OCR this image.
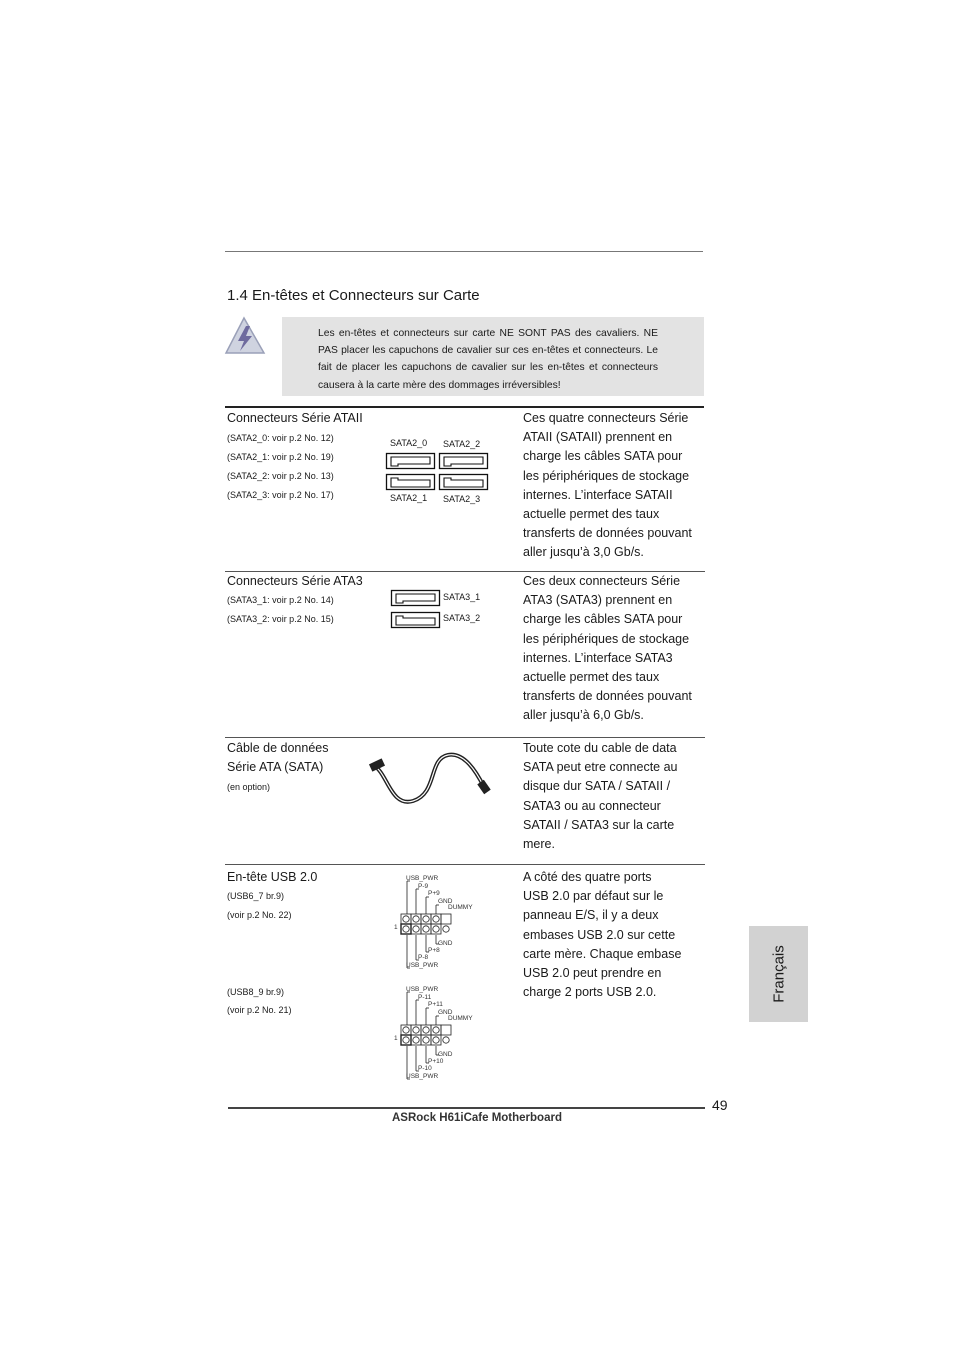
1.4 En-têtes et Connecteurs sur Carte
Les en-têtes et connecteurs sur carte NE SONT PAS des cavaliers. NE PAS placer les capuchons de cavalier sur ces en-têtes et connecteurs. Le fait de placer les capuchons de cavalier sur les en-têtes et connecteurs causera à la carte mère des dommages irréversibles!
Connecteurs Série ATAII
(SATA2_0: voir p.2 No. 12)
(SATA2_1: voir p.2 No. 19)
(SATA2_2: voir p.2 No. 13)
(SATA2_3: voir p.2 No. 17)
SATA2_0 SATA2_2
SATA2_1 SATA2_3
Ces quatre connecteurs Série
ATAII (SATAII) prennent en
charge les câbles SATA pour
les périphériques de stockage
internes. L’interface SATAII
actuelle permet des taux
transferts de données pouvant
aller jusqu’à 3,0 Gb/s.
Connecteurs Série ATA3
(SATA3_1: voir p.2 No. 14)
(SATA3_2: voir p.2 No. 15)
SATA3_1
SATA3_2
Ces deux connecteurs Série
ATA3 (SATA3) prennent en
charge les câbles SATA pour
les périphériques de stockage
internes. L’interface SATA3
actuelle permet des taux
transferts de données pouvant
aller jusqu’à 6,0 Gb/s.
Câble de données
Série ATA (SATA)
(en option)
Toute cote du cable de data
SATA peut etre connecte au
disque dur SATA / SATAII /
SATA3 ou au connecteur
SATAII / SATA3 sur la carte
mere.
En-tête USB 2.0
(USB6_7 br.9)
(voir p.2 No. 22)
(USB8_9 br.9)
(voir p.2 No. 21)
USB_PWR
P-9
P+9
GND
DUMMY
1
GND
P+8
P-8
USB_PWR
USB_PWR
P-11
P+11
GND
DUMMY
1
GND
P+10
P-10
USB_PWR
A côté des quatre ports
USB 2.0 par défaut sur le
panneau E/S, il y a deux
embases USB 2.0 sur cette
carte mère. Chaque embase
USB 2.0 peut prendre en
charge 2 ports USB 2.0.	Français
49
ASRock H61iCafe Motherboard
